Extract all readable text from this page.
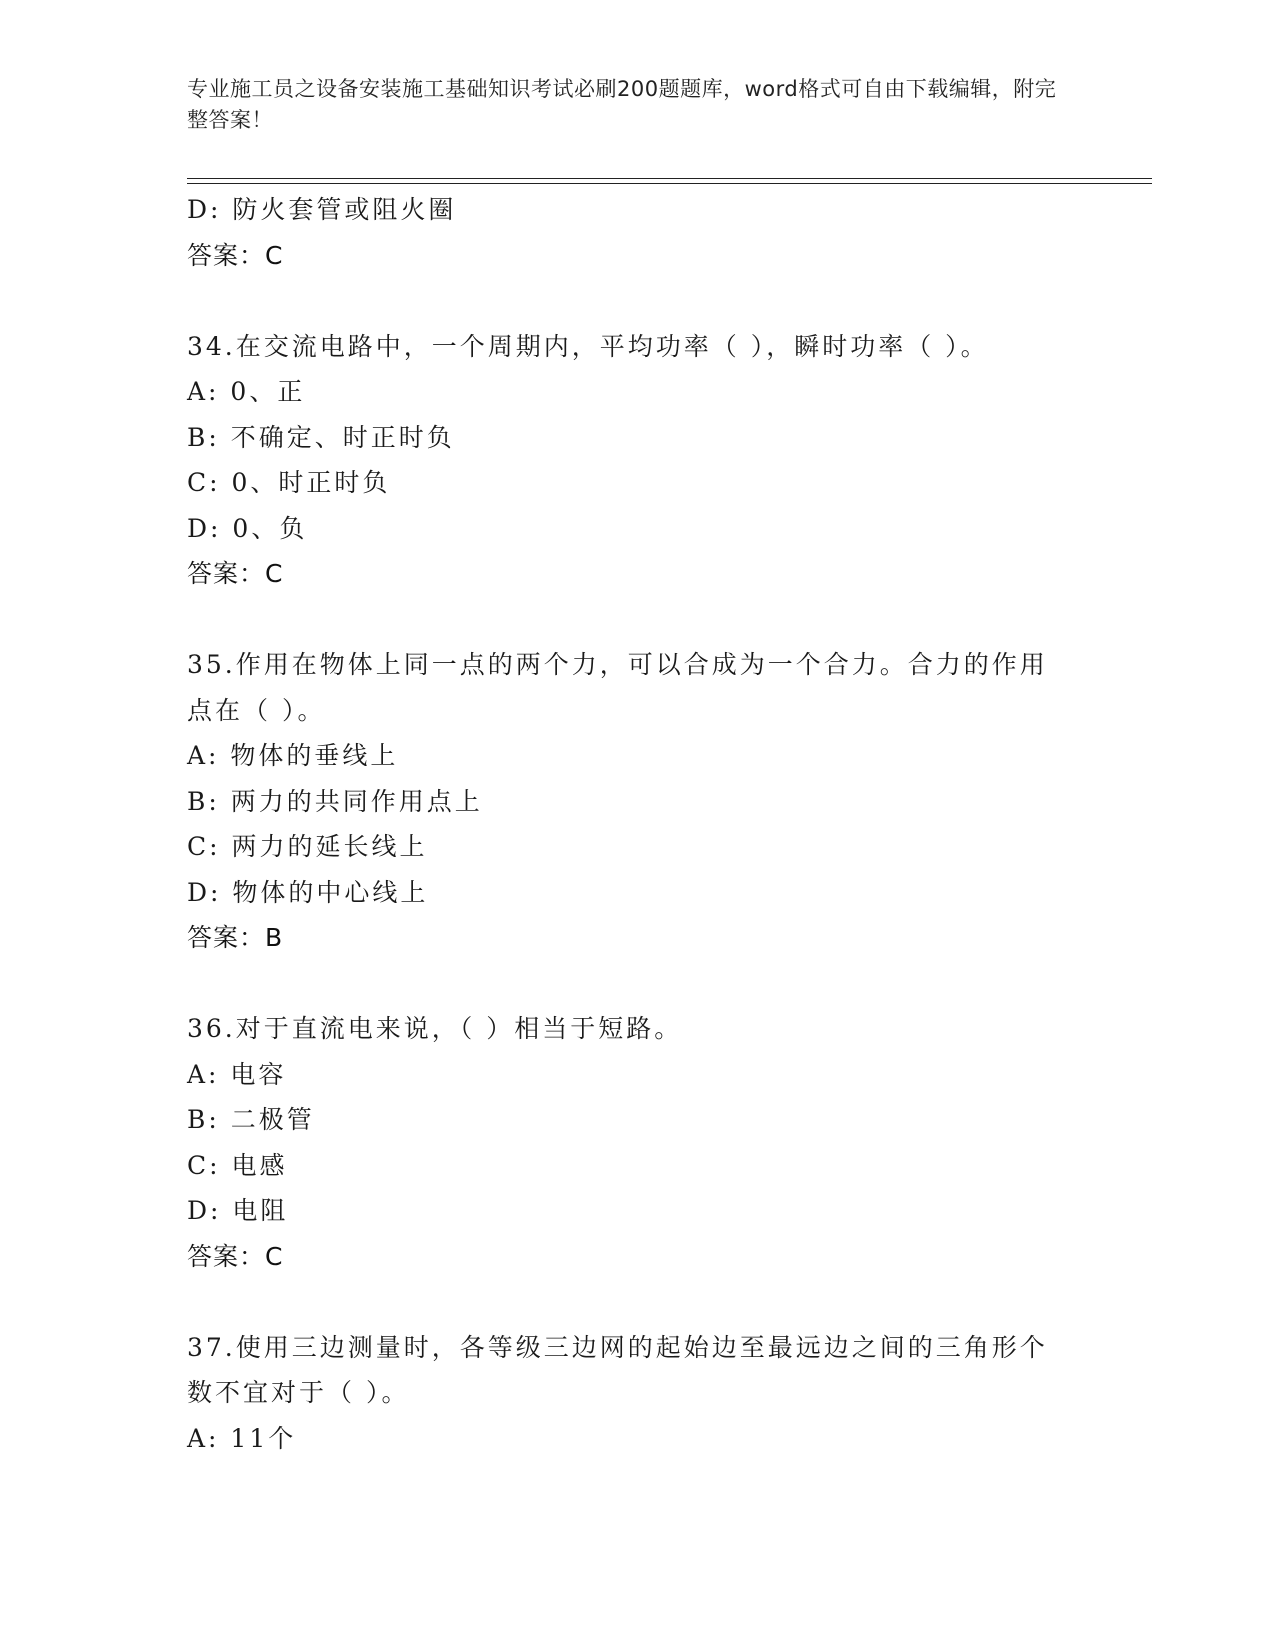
专业施工员之设备安装施工基础知识考试必刷200题题库，word格式可自由下载编辑，附完整答案！
D: 防火套管或阻火圈
答案：C
34.在交流电路中，一个周期内，平均功率（ ），瞬时功率（ ）。
A: 0、正
B: 不确定、时正时负
C: 0、时正时负
D: 0、负
答案：C
35.作用在物体上同一点的两个力，可以合成为一个合力。合力的作用点在（ ）。
A: 物体的垂线上
B: 两力的共同作用点上
C: 两力的延长线上
D: 物体的中心线上
答案：B
36.对于直流电来说，（ ）相当于短路。
A: 电容
B: 二极管
C: 电感
D: 电阻
答案：C
37.使用三边测量时，各等级三边网的起始边至最远边之间的三角形个数不宜对于（ ）。
A: 11个
